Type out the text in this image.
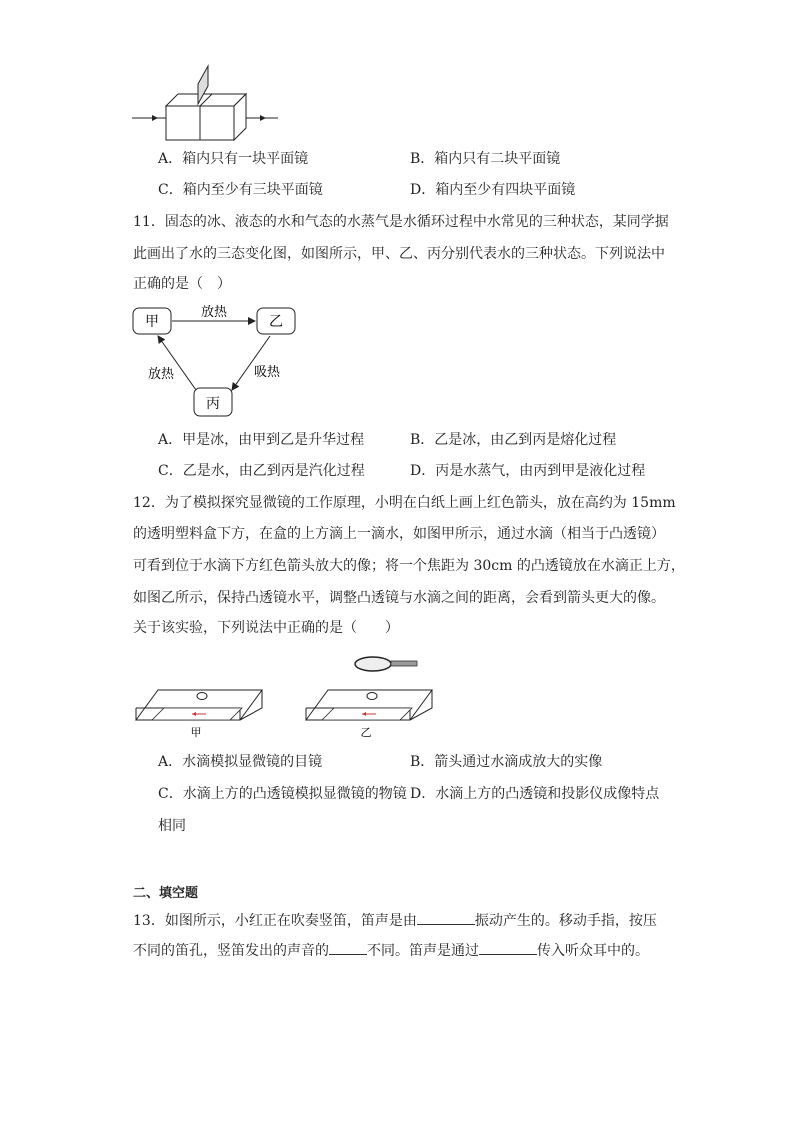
A．箱内只有一块平面镜	B．箱内只有二块平面镜
C．箱内至少有三块平面镜	D．箱内至少有四块平面镜
11．固态的冰、液态的水和气态的水蒸气是水循环过程中水常见的三种状态，某同学据
此画出了水的三态变化图，如图所示，甲、乙、丙分别代表水的三种状态。下列说法中
正确的是（　）
甲	乙
丙
放热
吸热
放热
A．甲是冰，由甲到乙是升华过程	B．乙是冰，由乙到丙是熔化过程
C．乙是水，由乙到丙是汽化过程	D．丙是水蒸气，由丙到甲是液化过程
12．为了模拟探究显微镜的工作原理，小明在白纸上画上红色箭头，放在高约为 15mm
的透明塑料盒下方，在盒的上方滴上一滴水，如图甲所示，通过水滴（相当于凸透镜）
可看到位于水滴下方红色箭头放大的像；将一个焦距为 30cm 的凸透镜放在水滴正上方，
如图乙所示，保持凸透镜水平，调整凸透镜与水滴之间的距离，会看到箭头更大的像。
关于该实验，下列说法中正确的是（　　）
甲	乙
A．水滴模拟显微镜的目镜	B．箭头通过水滴成放大的实像
C．水滴上方的凸透镜模拟显微镜的物镜 D．水滴上方的凸透镜和投影仪成像特点
相同
二、填空题
13．如图所示，小红正在吹奏竖笛，笛声是由	振动产生的。移动手指，按压
不同的笛孔，竖笛发出的声音的	不同。笛声是通过	传入听众耳中的。
